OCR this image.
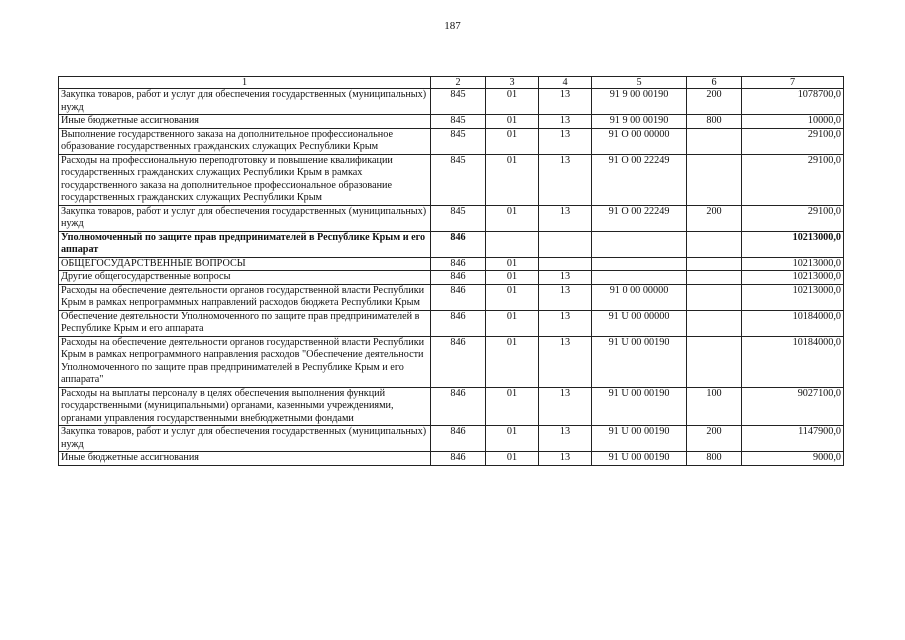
187
1	2	3	4	5	6	7
Закупка товаров, работ и услуг для обеспечения государственных (муниципальных) нужд	845	01	13	91 9 00 00190	200	1078700,0
Иные бюджетные ассигнования	845	01	13	91 9 00 00190	800	10000,0
Выполнение государственного заказа на дополнительное профессиональное образование государственных гражданских служащих Республики Крым	845	01	13	91 О 00 00000		29100,0
Расходы на профессиональную переподготовку и повышение квалификации государственных гражданских служащих Республики Крым в рамках государственного заказа на дополнительное профессиональное образование государственных гражданских служащих Республики Крым	845	01	13	91 О 00 22249		29100,0
Закупка товаров, работ и услуг для обеспечения государственных (муниципальных) нужд	845	01	13	91 О 00 22249	200	29100,0
Уполномоченный по защите прав предпринимателей в Республике Крым и его аппарат	846					10213000,0
ОБЩЕГОСУДАРСТВЕННЫЕ ВОПРОСЫ	846	01				10213000,0
Другие общегосударственные вопросы	846	01	13			10213000,0
Расходы на обеспечение деятельности органов государственной власти Республики Крым в рамках непрограммных направлений расходов бюджета Республики Крым	846	01	13	91 0 00 00000		10213000,0
Обеспечение деятельности Уполномоченного по защите прав предпринимателей в Республике Крым и его аппарата	846	01	13	91 U 00 00000		10184000,0
Расходы на обеспечение деятельности органов государственной власти Республики Крым в рамках непрограммного направления расходов "Обеспечение деятельности Уполномоченного по защите прав предпринимателей в Республике Крым и его аппарата"	846	01	13	91 U 00 00190		10184000,0
Расходы на выплаты персоналу в целях обеспечения выполнения функций государственными (муниципальными) органами, казенными учреждениями, органами управления государственными внебюджетными фондами	846	01	13	91 U 00 00190	100	9027100,0
Закупка товаров, работ и услуг для обеспечения государственных (муниципальных) нужд	846	01	13	91 U 00 00190	200	1147900,0
Иные бюджетные ассигнования	846	01	13	91 U 00 00190	800	9000,0
